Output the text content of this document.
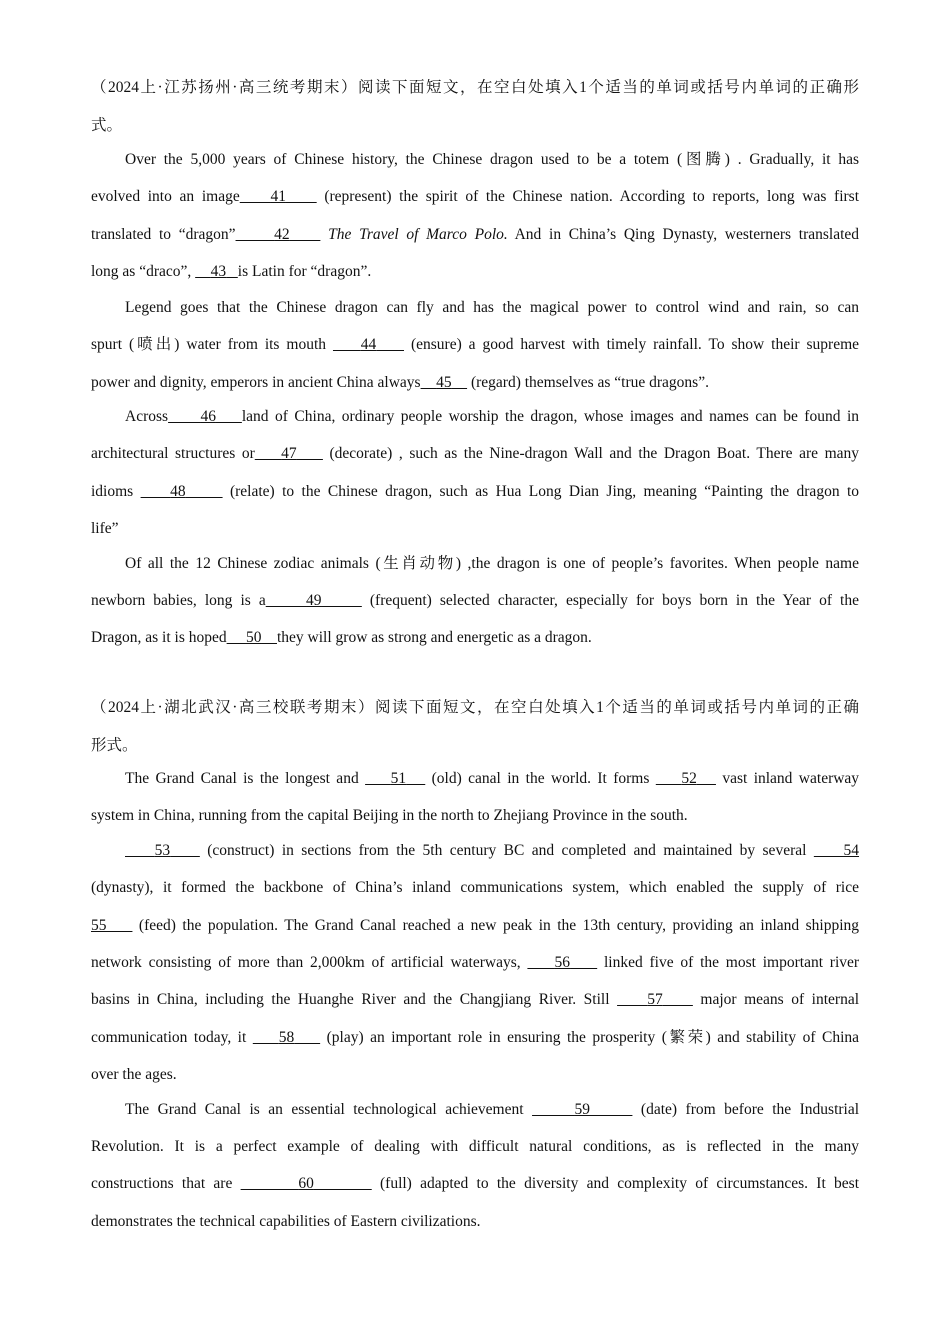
（2024上·江苏扬州·高三统考期末）阅读下面短文，在空白处填入1个适当的单词或括号内单词的正确形
式。
Over the 5,000 years of Chinese history, the Chinese dragon used to be a totem (图腾) . Gradually, it has
evolved into an image 41 (represent) the spirit of the Chinese nation. According to reports, long was first
translated to “dragon” 42 The Travel of Marco Polo. And in China’s Qing Dynasty, westerners translated
long as “draco”, 43 is Latin for “dragon”.
Legend goes that the Chinese dragon can fly and has the magical power to control wind and rain, so can
spurt (喷出) water from its mouth 44 (ensure) a good harvest with timely rainfall. To show their supreme
power and dignity, emperors in ancient China always 45 (regard) themselves as “true dragons”.
Across 46 land of China, ordinary people worship the dragon, whose images and names can be found in
architectural structures or 47 (decorate) , such as the Nine-dragon Wall and the Dragon Boat. There are many
idioms 48	(relate) to the Chinese dragon, such as Hua Long Dian Jing, meaning “Painting the dragon to
life”
Of all the 12 Chinese zodiac animals (生肖动物) ,the dragon is one of people’s favorites. When people name
newborn babies, long is a	49	(frequent) selected character, especially for boys born in the Year of the
Dragon, as it is hoped 50 they will grow as strong and energetic as a dragon.
（2024上·湖北武汉·高三校联考期末）阅读下面短文，在空白处填入1个适当的单词或括号内单词的正确
形式。
The Grand Canal is the longest and 51 (old) canal in the world. It forms 52 vast inland waterway
system in China, running from the capital Beijing in the north to Zhejiang Province in the south.
53 (construct) in sections from the 5th century BC and completed and maintained by several 54
(dynasty), it formed the backbone of China’s inland communications system, which enabled the supply of rice
55 (feed) the population. The Grand Canal reached a new peak in the 13th century, providing an inland shipping
network consisting of more than 2,000km of artificial waterways, 56 linked five of the most important river
basins in China, including the Huanghe River and the Changjiang River. Still 57 major means of internal
communication today, it 58 (play) an important role in ensuring the prosperity (繁荣) and stability of China
over the ages.
The Grand Canal is an essential technological achievement	59	(date) from before the Industrial
Revolution. It is a perfect example of dealing with difficult natural conditions, as is reflected in the many
constructions that are	60	(full) adapted to the diversity and complexity of circumstances. It best
demonstrates the technical capabilities of Eastern civilizations.
